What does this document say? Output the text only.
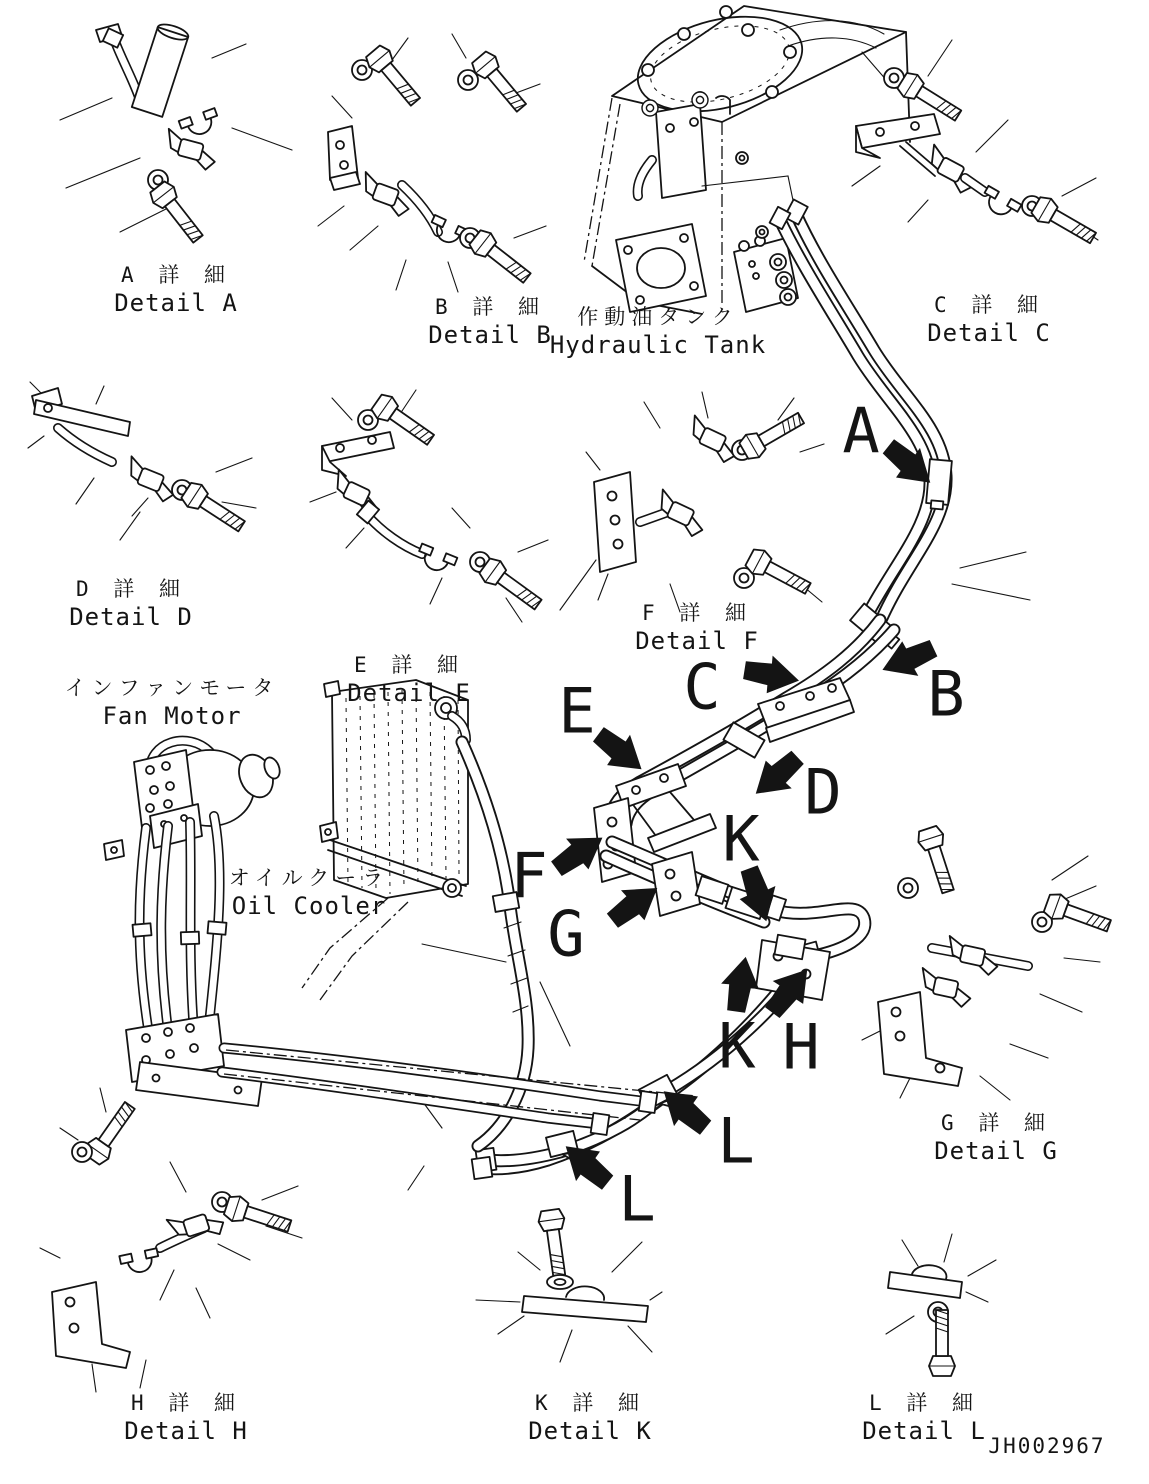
A 詳 細
Detail A	B 詳 細
Detail B
作動油タンク
Hydraulic Tank
C 詳 細
Detail C
D 詳 細
Detail D
E 詳 細
Detail E
F 詳 細
Detail F
インファンモータ
Fan Motor
オイルクーラ
Oil Cooler
G 詳 細
Detail G
H 詳 細
Detail H
K 詳 細
Detail K
L 詳 細
Detail L
A
B
C
D
E
F
G
K
K H
L
L
JH002967
